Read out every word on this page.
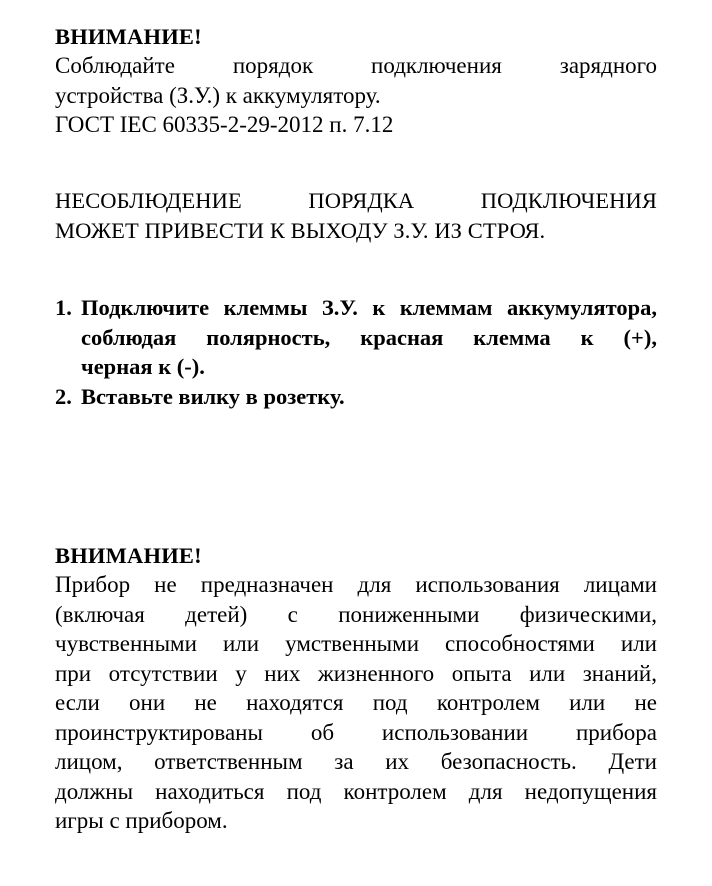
ВНИМАНИЕ!
Соблюдайте порядок подключения зарядного
устройства (З.У.) к аккумулятору.
ГОСТ IEC 60335-2-29-2012 п. 7.12
НЕСОБЛЮДЕНИЕ ПОРЯДКА ПОДКЛЮЧЕНИЯ
МОЖЕТ ПРИВЕСТИ К ВЫХОДУ З.У. ИЗ СТРОЯ.
1. Подключите клеммы З.У. к клеммам аккумулятора,
соблюдая полярность, красная клемма к (+),
черная к (-).
2. Вставьте вилку в розетку.
ВНИМАНИЕ!
Прибор не предназначен для использования лицами
(включая детей) с пониженными физическими,
чувственными или умственными способностями или
при отсутствии у них жизненного опыта или знаний,
если они не находятся под контролем или не
проинструктированы об использовании прибора
лицом, ответственным за их безопасность. Дети
должны находиться под контролем для недопущения
игры с прибором.
